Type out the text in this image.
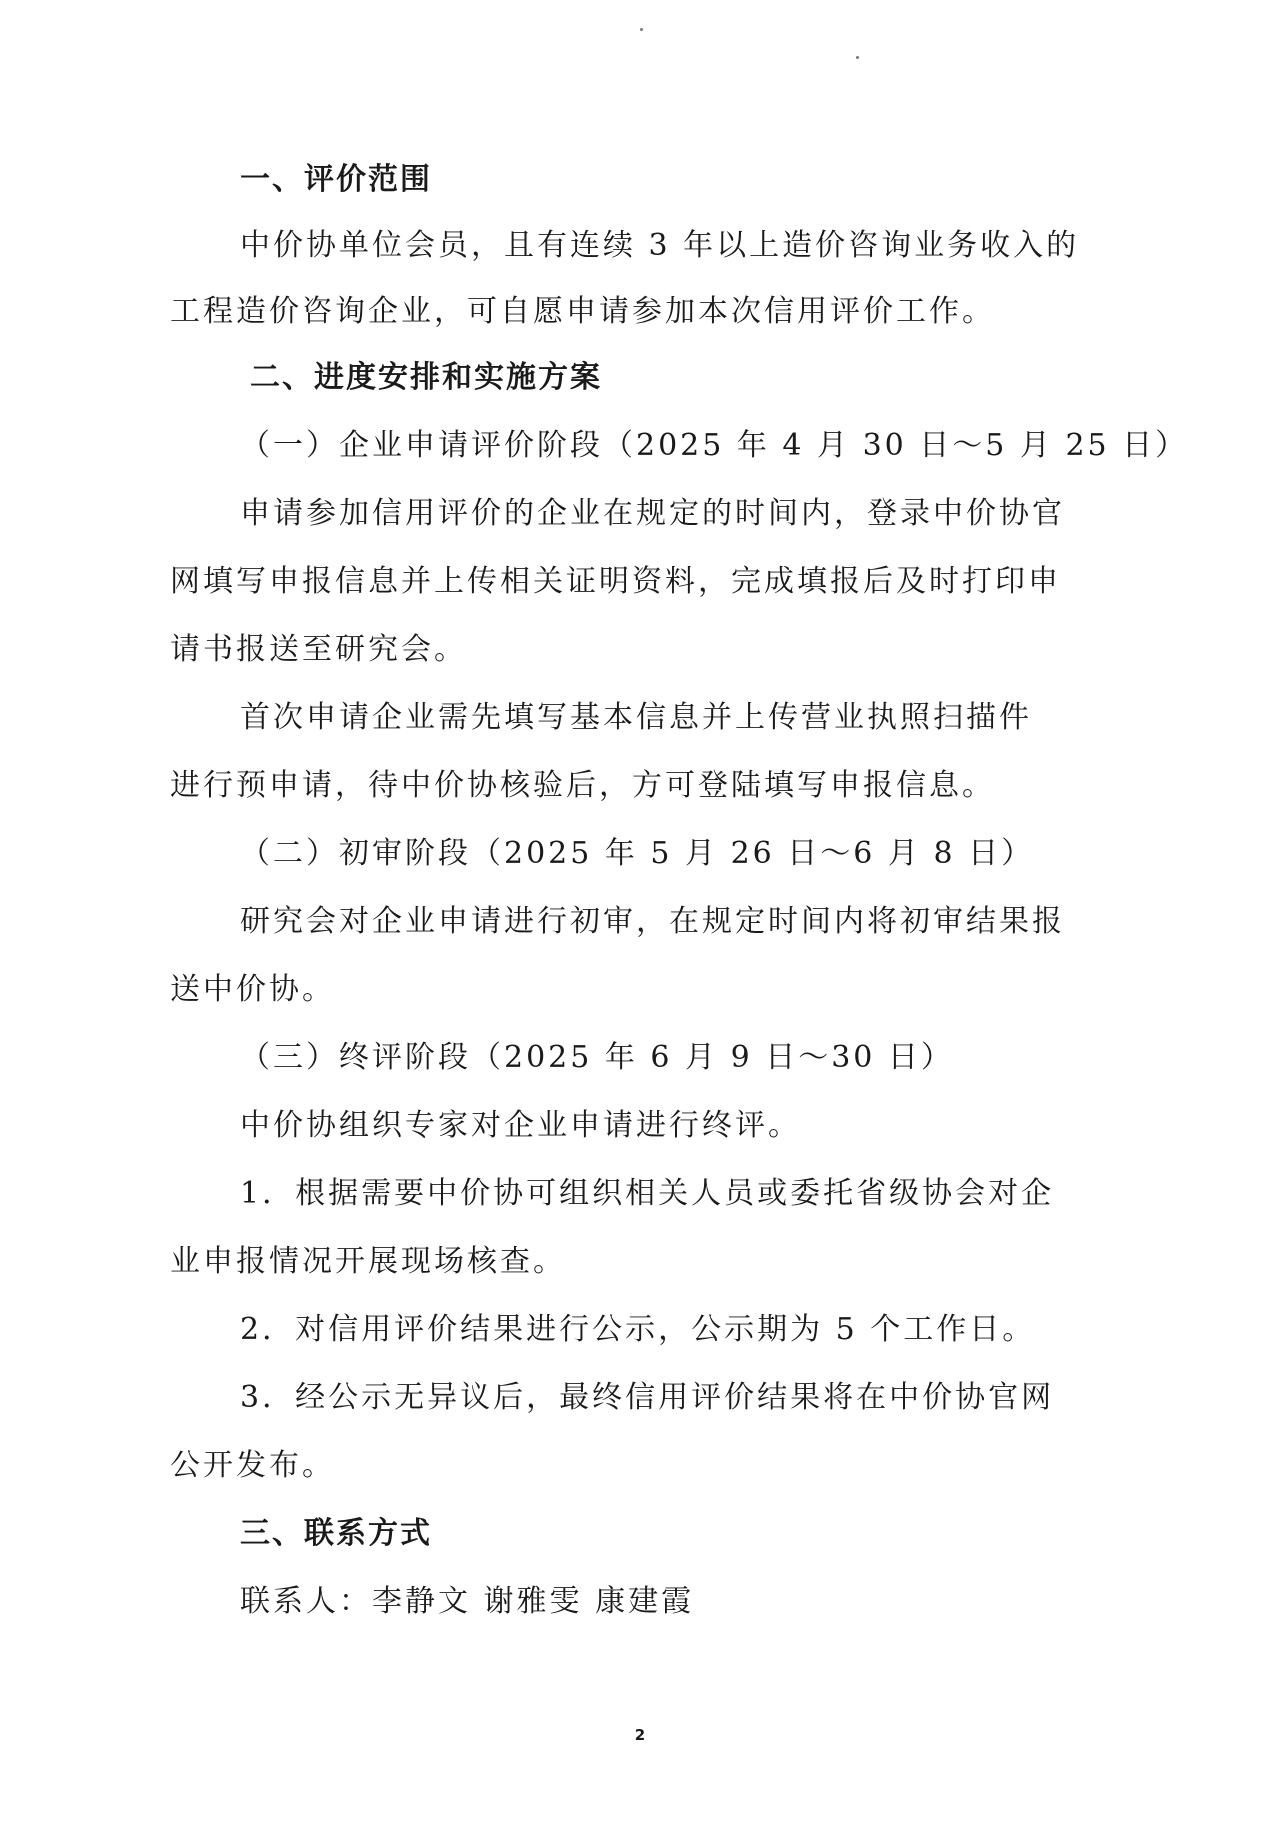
一、评价范围
中价协单位会员，且有连续 3 年以上造价咨询业务收入的
工程造价咨询企业，可自愿申请参加本次信用评价工作。
二、进度安排和实施方案
（一）企业申请评价阶段（2025 年 4 月 30 日～5 月 25 日）
申请参加信用评价的企业在规定的时间内，登录中价协官
网填写申报信息并上传相关证明资料，完成填报后及时打印申
请书报送至研究会。
首次申请企业需先填写基本信息并上传营业执照扫描件
进行预申请，待中价协核验后，方可登陆填写申报信息。
（二）初审阶段（2025 年 5 月 26 日～6 月 8 日）
研究会对企业申请进行初审，在规定时间内将初审结果报
送中价协。
（三）终评阶段（2025 年 6 月 9 日～30 日）
中价协组织专家对企业申请进行终评。
1．根据需要中价协可组织相关人员或委托省级协会对企
业申报情况开展现场核查。
2．对信用评价结果进行公示，公示期为 5 个工作日。
3．经公示无异议后，最终信用评价结果将在中价协官网
公开发布。
三、联系方式
联系人：李静文 谢雅雯 康建霞
2
